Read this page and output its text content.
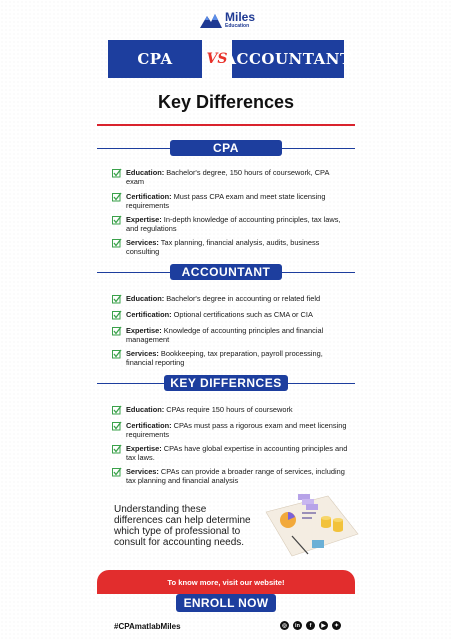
Miles
Education
CPA	VS
ACCOUNTANT
Key Differences
CPA
Education: Bachelor's degree, 150 hours of coursework, CPA exam
Certification: Must pass CPA exam and meet state licensing requirements
Expertise: In-depth knowledge of accounting principles, tax laws, and regulations
Services: Tax planning, financial analysis, audits, business consulting
ACCOUNTANT
Education: Bachelor's degree in accounting or related field
Certification: Optional certifications such as CMA or CIA
Expertise: Knowledge of accounting principles and financial management
Services: Bookkeeping, tax preparation, payroll processing, financial reporting
KEY DIFFERNCES
Education: CPAs require 150 hours of coursework
Certification: CPAs must pass a rigorous exam and meet licensing requirements
Expertise: CPAs have global expertise in accounting principles and tax laws.
Services: CPAs can provide a broader range of services, including tax planning and financial analysis
Understanding these differences can help determine which type of professional to consult for accounting needs.
To know more, visit our website!
ENROLL NOW
#CPAmatlabMiles	◎	in	f	▶	✦
